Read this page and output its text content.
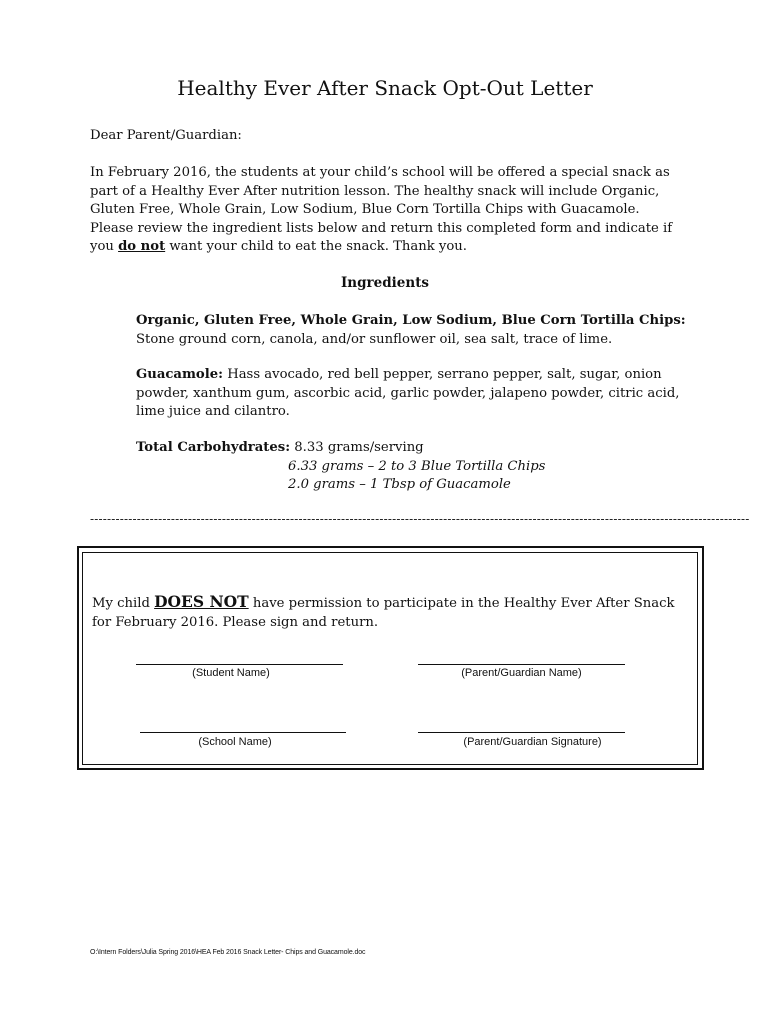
Healthy Ever After Snack Opt-Out Letter
Dear Parent/Guardian:
In February 2016, the students at your child’s school will be offered a special snack as
part of a Healthy Ever After nutrition lesson. The healthy snack will include Organic,
Gluten Free, Whole Grain, Low Sodium, Blue Corn Tortilla Chips with Guacamole.
Please review the ingredient lists below and return this completed form and indicate if
you do not want your child to eat the snack. Thank you.
Ingredients
Organic, Gluten Free, Whole Grain, Low Sodium, Blue Corn Tortilla Chips:
Stone ground corn, canola, and/or sunflower oil, sea salt, trace of lime.
Guacamole: Hass avocado, red bell pepper, serrano pepper, salt, sugar, onion
powder, xanthum gum, ascorbic acid, garlic powder, jalapeno powder, citric acid,
lime juice and cilantro.
Total Carbohydrates: 8.33 grams/serving
6.33 grams – 2 to 3 Blue Tortilla Chips
2.0 grams – 1 Tbsp of Guacamole
-----------------------------------------------------------------------------------------------------------------------------------------------------------
My child DOES NOT have permission to participate in the Healthy Ever After Snack
for February 2016. Please sign and return.
(Student Name)	(Parent/Guardian Name)
(School Name)	(Parent/Guardian Signature)
O:\Intern Folders\Julia Spring 2016\HEA Feb 2016 Snack Letter- Chips and Guacamole.doc
